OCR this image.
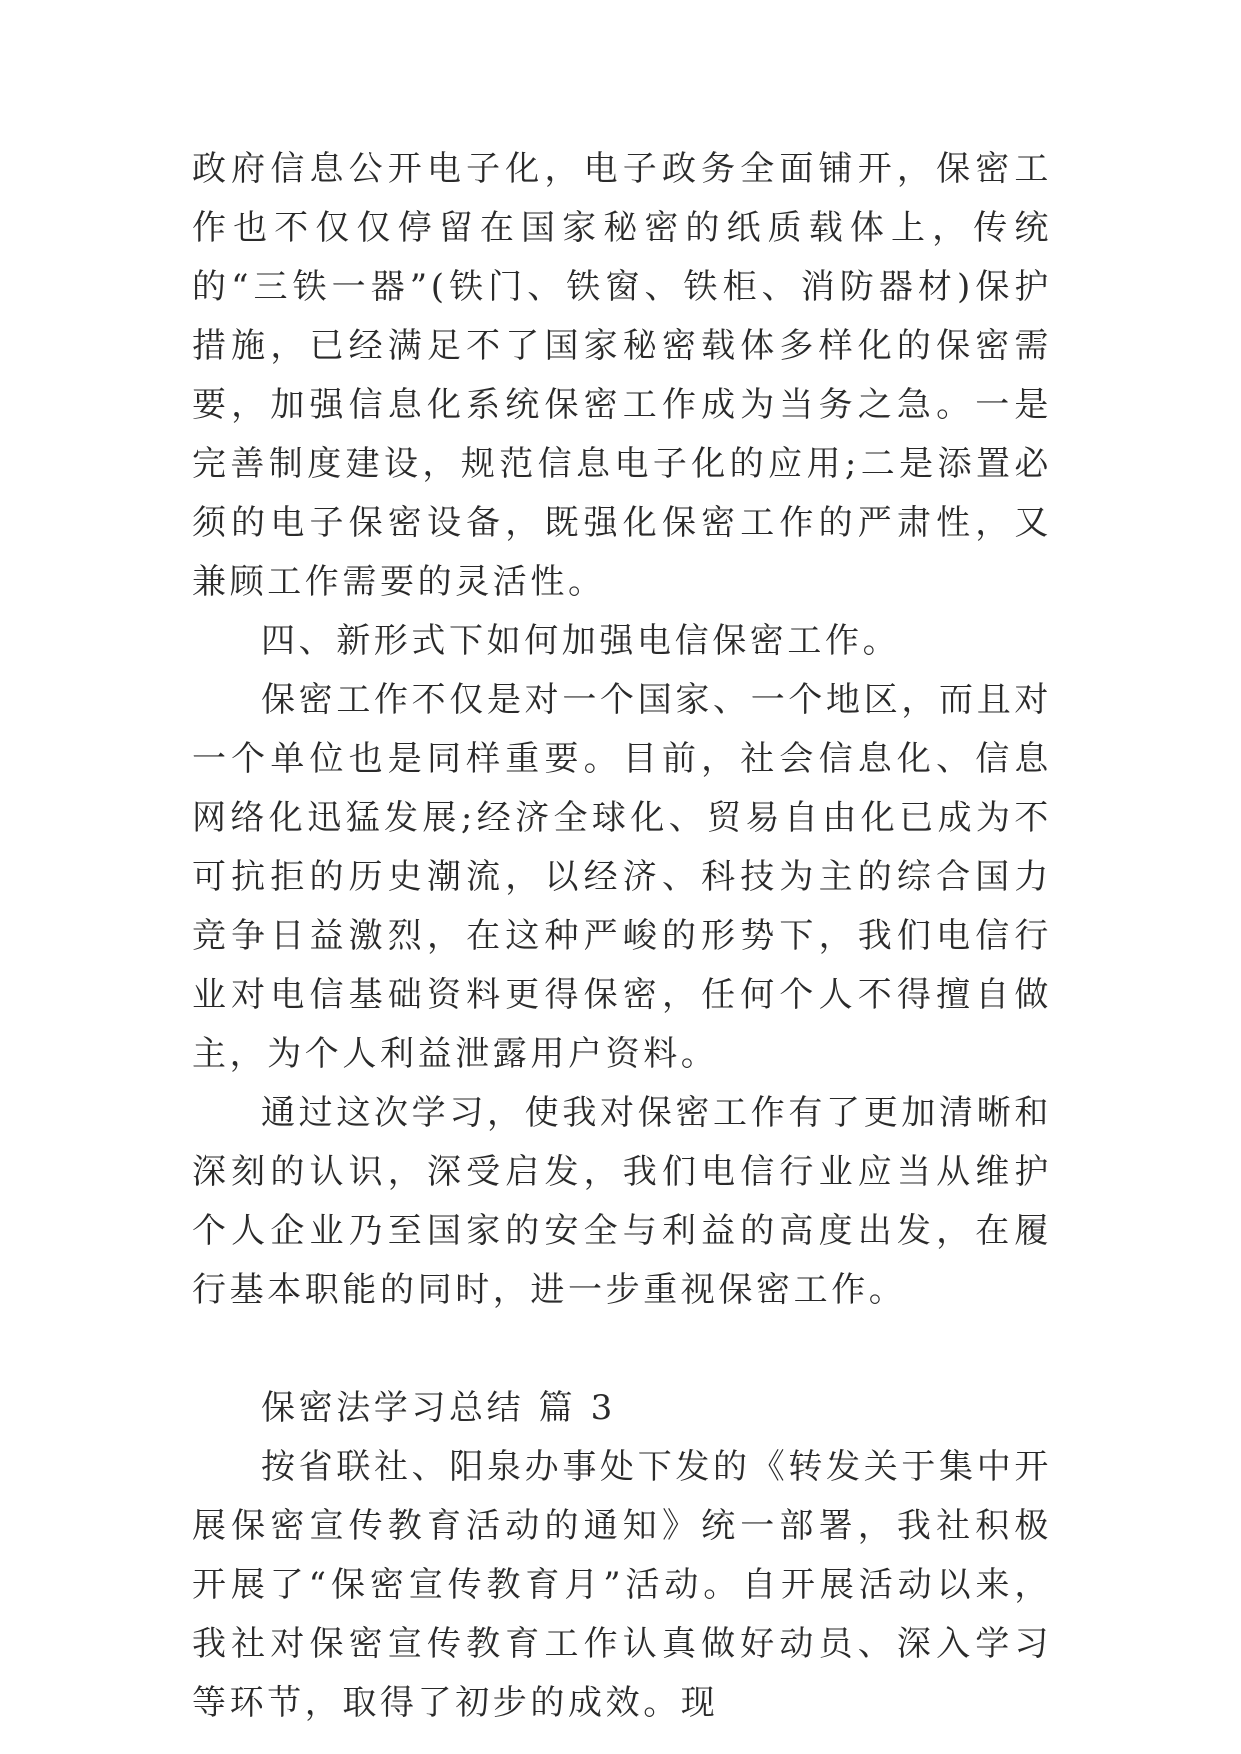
政府信息公开电子化，电子政务全面铺开，保密工作也不仅仅停留在国家秘密的纸质载体上，传统的“三铁一器”(铁门、铁窗、铁柜、消防器材)保护措施，已经满足不了国家秘密载体多样化的保密需要，加强信息化系统保密工作成为当务之急。一是完善制度建设，规范信息电子化的应用;二是添置必须的电子保密设备，既强化保密工作的严肃性，又兼顾工作需要的灵活性。

四、新形式下如何加强电信保密工作。

保密工作不仅是对一个国家、一个地区，而且对一个单位也是同样重要。目前，社会信息化、信息网络化迅猛发展;经济全球化、贸易自由化已成为不可抗拒的历史潮流，以经济、科技为主的综合国力竞争日益激烈，在这种严峻的形势下，我们电信行业对电信基础资料更得保密，任何个人不得擅自做主，为个人利益泄露用户资料。

通过这次学习，使我对保密工作有了更加清晰和深刻的认识，深受启发，我们电信行业应当从维护个人企业乃至国家的安全与利益的高度出发，在履行基本职能的同时，进一步重视保密工作。

保密法学习总结 篇 3

按省联社、阳泉办事处下发的《转发关于集中开展保密宣传教育活动的通知》统一部署，我社积极开展了“保密宣传教育月”活动。自开展活动以来，我社对保密宣传教育工作认真做好动员、深入学习等环节，取得了初步的成效。现
